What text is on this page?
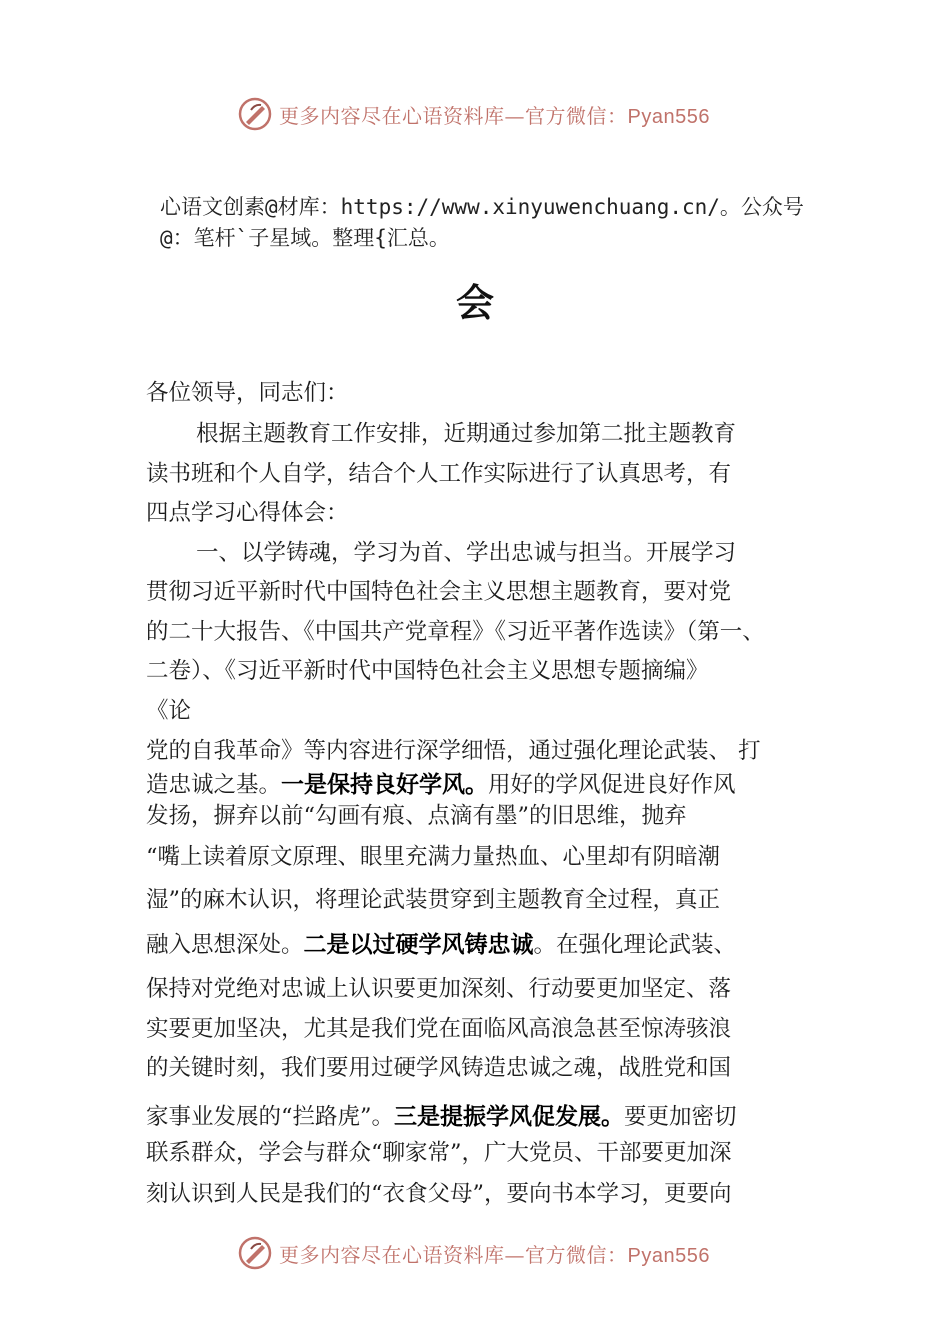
更多内容尽在心语资料库—官方微信：Pyan556
心语文创素@材库：https://www.xinyuwenchuang.cn/。公众号@：笔杆`子星域。整理{汇总。
会
各位领导，同志们：
根据主题教育工作安排，近期通过参加第二批主题教育
读书班和个人自学，结合个人工作实际进行了认真思考，有
四点学习心得体会：
一、以学铸魂，学习为首、学出忠诚与担当。开展学习
贯彻习近平新时代中国特色社会主义思想主题教育，要对党
的二十大报告、《中国共产党章程》《习近平著作选读》（第一、
二卷）、《习近平新时代中国特色社会主义思想专题摘编》
《论
党的自我革命》等内容进行深学细悟，通过强化理论武装、 打
造忠诚之基。一是保持良好学风。用好的学风促进良好作风
发扬，摒弃以前“勾画有痕、点滴有墨”的旧思维，抛弃
“嘴上读着原文原理、眼里充满力量热血、心里却有阴暗潮
湿”的麻木认识，将理论武装贯穿到主题教育全过程，真正
融入思想深处。二是以过硬学风铸忠诚。在强化理论武装、
保持对党绝对忠诚上认识要更加深刻、行动要更加坚定、落
实要更加坚决，尤其是我们党在面临风高浪急甚至惊涛骇浪
的关键时刻，我们要用过硬学风铸造忠诚之魂，战胜党和国
家事业发展的“拦路虎”。三是提振学风促发展。要更加密切
联系群众，学会与群众“聊家常”，广大党员、干部要更加深
刻认识到人民是我们的“衣食父母”，要向书本学习，更要向
更多内容尽在心语资料库—官方微信：Pyan556
